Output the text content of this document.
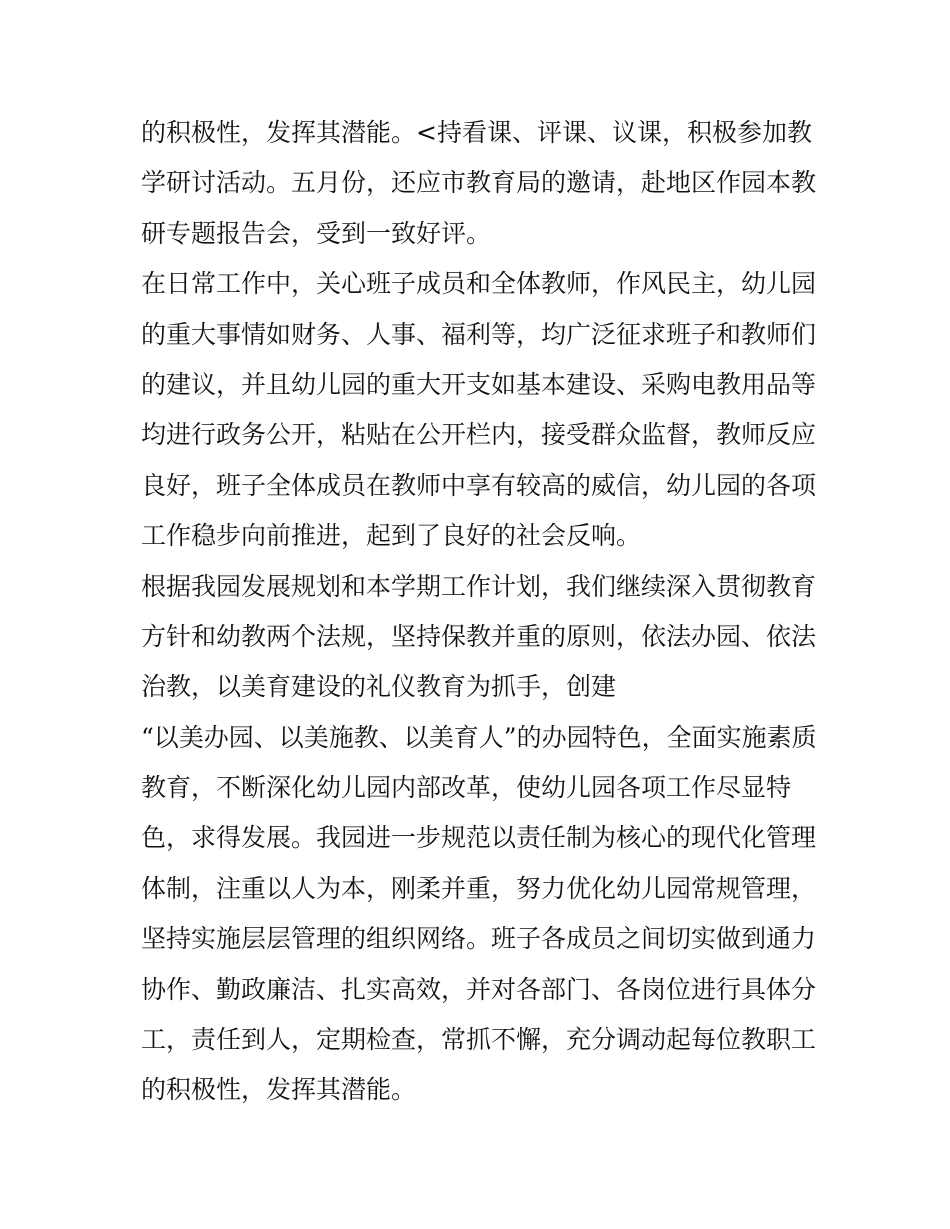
的积极性，发挥其潜能。<持看课、评课、议课，积极参加教
学研讨活动。五月份，还应市教育局的邀请，赴地区作园本教
研专题报告会，受到一致好评。
在日常工作中，关心班子成员和全体教师，作风民主，幼儿园
的重大事情如财务、人事、福利等，均广泛征求班子和教师们
的建议，并且幼儿园的重大开支如基本建设、采购电教用品等
均进行政务公开，粘贴在公开栏内，接受群众监督，教师反应
良好，班子全体成员在教师中享有较高的威信，幼儿园的各项
工作稳步向前推进，起到了良好的社会反响。
根据我园发展规划和本学期工作计划，我们继续深入贯彻教育
方针和幼教两个法规，坚持保教并重的原则，依法办园、依法
治教，以美育建设的礼仪教育为抓手，创建
“以美办园、以美施教、以美育人”的办园特色，全面实施素质
教育，不断深化幼儿园内部改革，使幼儿园各项工作尽显特
色，求得发展。我园进一步规范以责任制为核心的现代化管理
体制，注重以人为本，刚柔并重，努力优化幼儿园常规管理，
坚持实施层层管理的组织网络。班子各成员之间切实做到通力
协作、勤政廉洁、扎实高效，并对各部门、各岗位进行具体分
工，责任到人，定期检查，常抓不懈，充分调动起每位教职工
的积极性，发挥其潜能。
